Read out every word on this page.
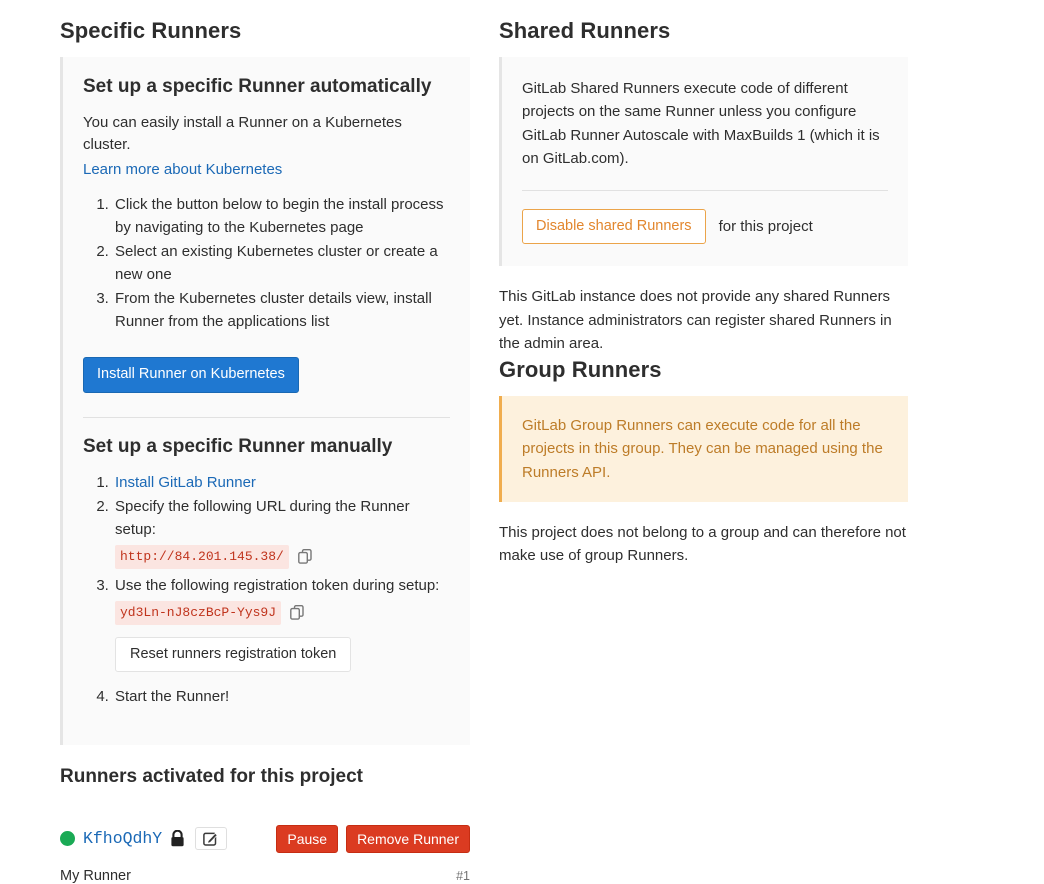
Specific Runners
Set up a specific Runner automatically

You can easily install a Runner on a Kubernetes cluster.
Learn more about Kubernetes

1. Click the button below to begin the install process by navigating to the Kubernetes page
2. Select an existing Kubernetes cluster or create a new one
3. From the Kubernetes cluster details view, install Runner from the applications list
Install Runner on Kubernetes
Set up a specific Runner manually
1. Install GitLab Runner
2. Specify the following URL during the Runner setup:
http://84.201.145.38/
3. Use the following registration token during setup:
yd3Ln-nJ8czBcP-Yys9J
Reset runners registration token
4. Start the Runner!
Runners activated for this project
KfhoQdhY	Pause	Remove Runner
My Runner	#1
Shared Runners

GitLab Shared Runners execute code of different projects on the same Runner unless you configure GitLab Runner Autoscale with MaxBuilds 1 (which it is on GitLab.com).

Disable shared Runners	for this project

This GitLab instance does not provide any shared Runners yet. Instance administrators can register shared Runners in the admin area.

Group Runners
GitLab Group Runners can execute code for all the projects in this group. They can be managed using the Runners API.

This project does not belong to a group and can therefore not make use of group Runners.
